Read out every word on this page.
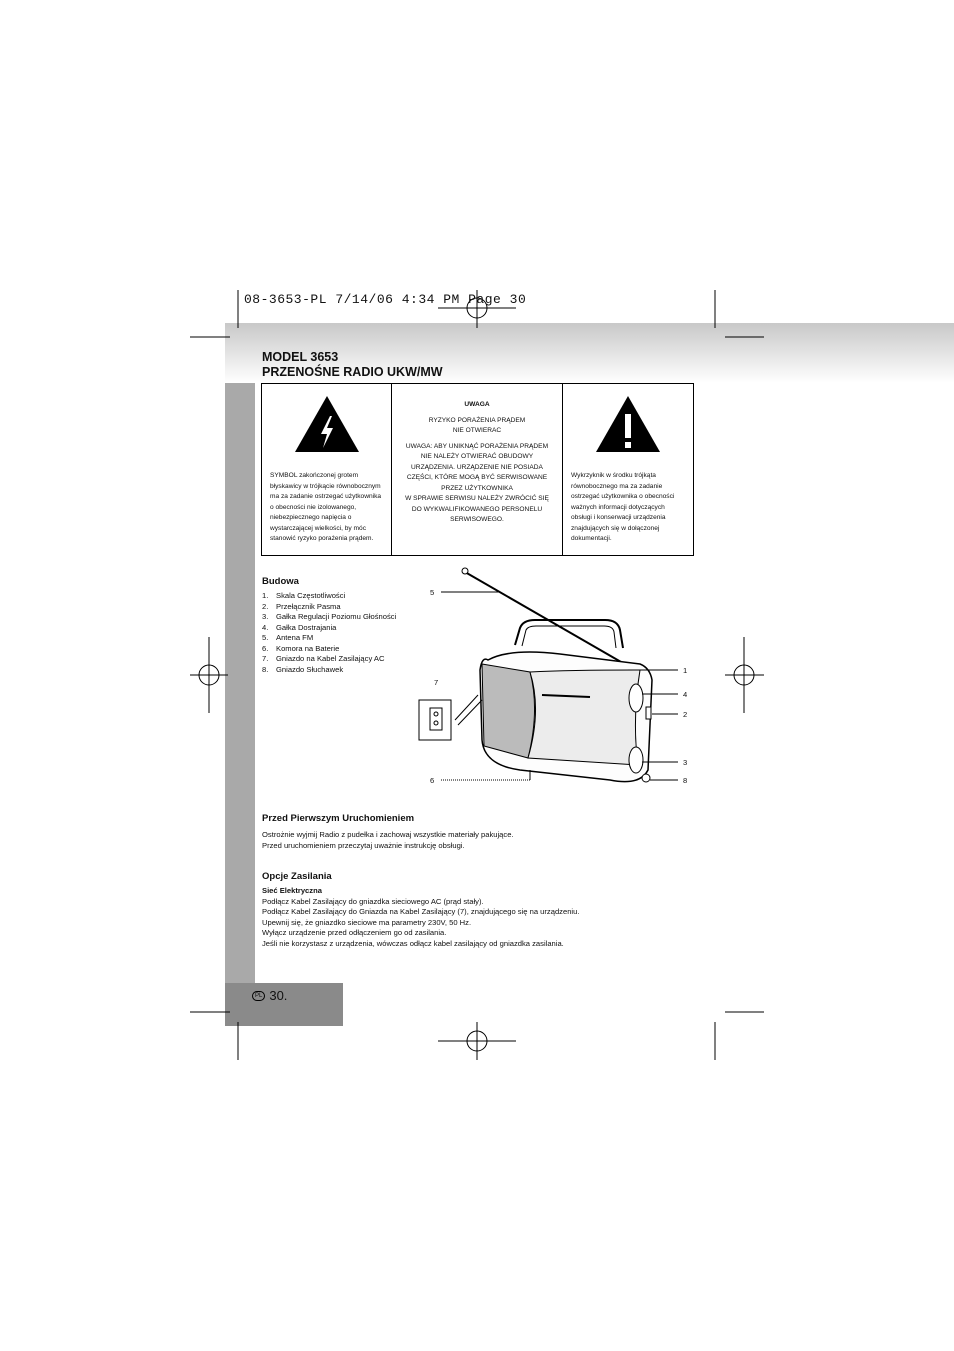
08-3653-PL 7/14/06 4:34 PM Page 30
MODEL 3653
PRZENOŚNE RADIO UKW/MW
SYMBOL zakończonej grotem błyskawicy w trójkącie równobocznym ma za zadanie ostrzegać użytkownika o obecności nie izolowanego, niebezpiecznego napięcia o wystarczającej wielkości, by móc stanowić ryzyko porażenia prądem.
UWAGA
RYZYKO PORAŻENIA PRĄDEM
NIE OTWIERAC
UWAGA: ABY UNIKNĄĆ PORAŻENIA PRĄDEM NIE NALEŻY OTWIERAĆ OBUDOWY URZĄDZENIA. URZĄDZENIE NIE POSIADA CZĘŚCI, KTÓRE MOGĄ BYĆ SERWISOWANE PRZEZ UŻYTKOWNIKA
W SPRAWIE SERWISU NALEŻY ZWRÓCIĆ SIĘ DO WYKWALIFIKOWANEGO PERSONELU SERWISOWEGO.
Wykrzyknik w środku trójkąta równobocznego ma za zadanie ostrzegać użytkownika o obecności ważnych informacji dotyczących obsługi i konserwacji urządzenia znajdujących się w dołączonej dokumentacji.
Budowa
1. Skala Częstotliwości
2. Przełącznik Pasma
3. Gałka Regulacji Poziomu Głośności
4. Gałka Dostrajania
5. Antena FM
6. Komora na Baterie
7. Gniazdo na Kabel Zasilający AC
8. Gniazdo Słuchawek
5
1
4
2
3
8
7
6
Przed Pierwszym Uruchomieniem
Ostrożnie wyjmij Radio z pudełka i zachowaj wszystkie materiały pakujące.
Przed uruchomieniem przeczytaj uważnie instrukcję obsługi.
Opcje Zasilania
Sieć Elektryczna
Podłącz Kabel Zasilający do gniazdka sieciowego AC (prąd stały).
Podłącz Kabel Zasilający do Gniazda na Kabel Zasilający (7), znajdującego się na urządzeniu.
Upewnij się, że gniazdko sieciowe ma parametry 230V, 50 Hz.
Wyłącz urządzenie przed odłączeniem go od zasilania.
Jeśli nie korzystasz z urządzenia, wówczas odłącz kabel zasilający od gniazdka zasilania.
PL 30.
